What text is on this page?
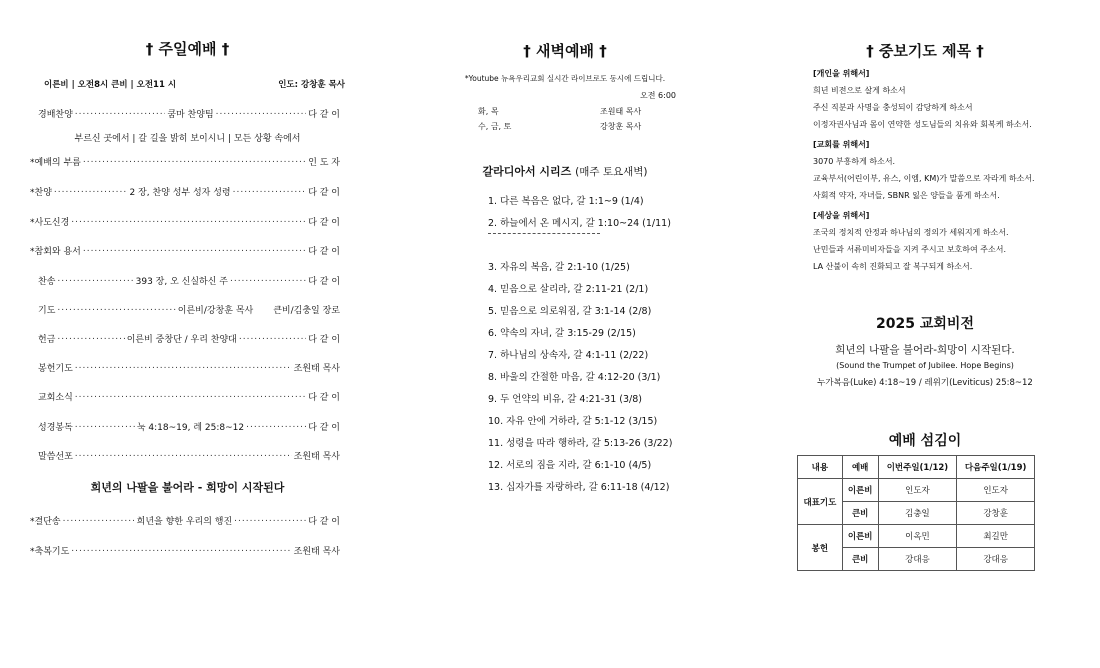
† 주일예배 †
이른비 | 오전8시 큰비 | 오전11 시	인도: 강창훈 목사
경배찬양 .....	쿰마 찬양팀 .....	다 같 이
*예배의 부름 .....	인 도 자
*찬양 .....	2 장, 찬양 성부 성자 성령 .....	다 같 이
*사도신경 .....	다 같 이
*참회와 용서 .....	다 같 이
찬송 .....	393 장, 오 신실하신 주 .....	다 같 이
기도 .....	이른비/강창훈 목사 큰비/김충일 장로
헌금 .....	이른비 중창단 / 우리 찬양대 .....	다 같 이
봉헌기도 .....	조원태 목사
교회소식 .....	다 같 이
성경봉독 .....	눅 4:18~19, 레 25:8~12 .....	다 같 이
말씀선포 .....	조원태 목사
*결단송 .....	희년을 향한 우리의 행진 .....	다 같 이
*축복기도 .....	조원태 목사
부르신 곳에서 | 갈 길을 밝히 보이시니 | 모든 상황 속에서
희년의 나팔을 불어라 - 희망이 시작된다
† 새벽예배 †
*Youtube 뉴욕우리교회 실시간 라이브로도 동시에 드립니다.
오전 6:00
화, 목	조원태 목사
수, 금, 토	강창훈 목사
갈라디아서 시리즈 (매주 토요새벽)
1. 다른 복음은 없다, 갈 1:1~9 (1/4)
2. 하늘에서 온 메시지, 갈 1:10~24 (1/11)
3. 자유의 복음, 갈 2:1-10 (1/25)
4. 믿음으로 살리라, 갈 2:11-21 (2/1)
5. 믿음으로 의로워짐, 갈 3:1-14 (2/8)
6. 약속의 자녀, 갈 3:15-29 (2/15)
7. 하나님의 상속자, 갈 4:1-11 (2/22)
8. 바울의 간절한 마음, 갈 4:12-20 (3/1)
9. 두 언약의 비유, 갈 4:21-31 (3/8)
10. 자유 안에 거하라, 갈 5:1-12 (3/15)
11. 성령을 따라 행하라, 갈 5:13-26 (3/22)
12. 서로의 짐을 지라, 갈 6:1-10 (4/5)
13. 십자가를 자랑하라, 갈 6:11-18 (4/12)
† 중보기도 제목 †
[개인을 위해서]
희년 비전으로 살게 하소서
주신 직분과 사명을 충성되이 감당하게 하소서
이정자권사님과 몸이 연약한 성도님들의 치유와 회복케 하소서.
[교회를 위해서]
3070 부흥하게 하소서.
교육부서(어린이부, 유스, 이엠, KM)가 말씀으로 자라게 하소서.
사회적 약자, 자녀들, SBNR 잃은 양들을 품게 하소서.
[세상을 위해서]
조국의 정치적 안정과 하나님의 정의가 세워지게 하소서.
난민들과 서류미비자들을 지켜 주시고 보호하여 주소서.
LA 산불이 속히 진화되고 잘 복구되게 하소서.
2025 교회비전
희년의 나팔을 불어라-희망이 시작된다.
(Sound the Trumpet of Jubilee. Hope Begins)
누가복음(Luke) 4:18~19 / 레위기(Leviticus) 25:8~12
예배 섬김이
내용	예배	이번주일(1/12)	다음주일(1/19)
대표기도	이른비	인도자	인도자
	큰비	김충일	강창훈
봉헌	이른비	이옥민	최길만
	큰비	강대응	강대응
